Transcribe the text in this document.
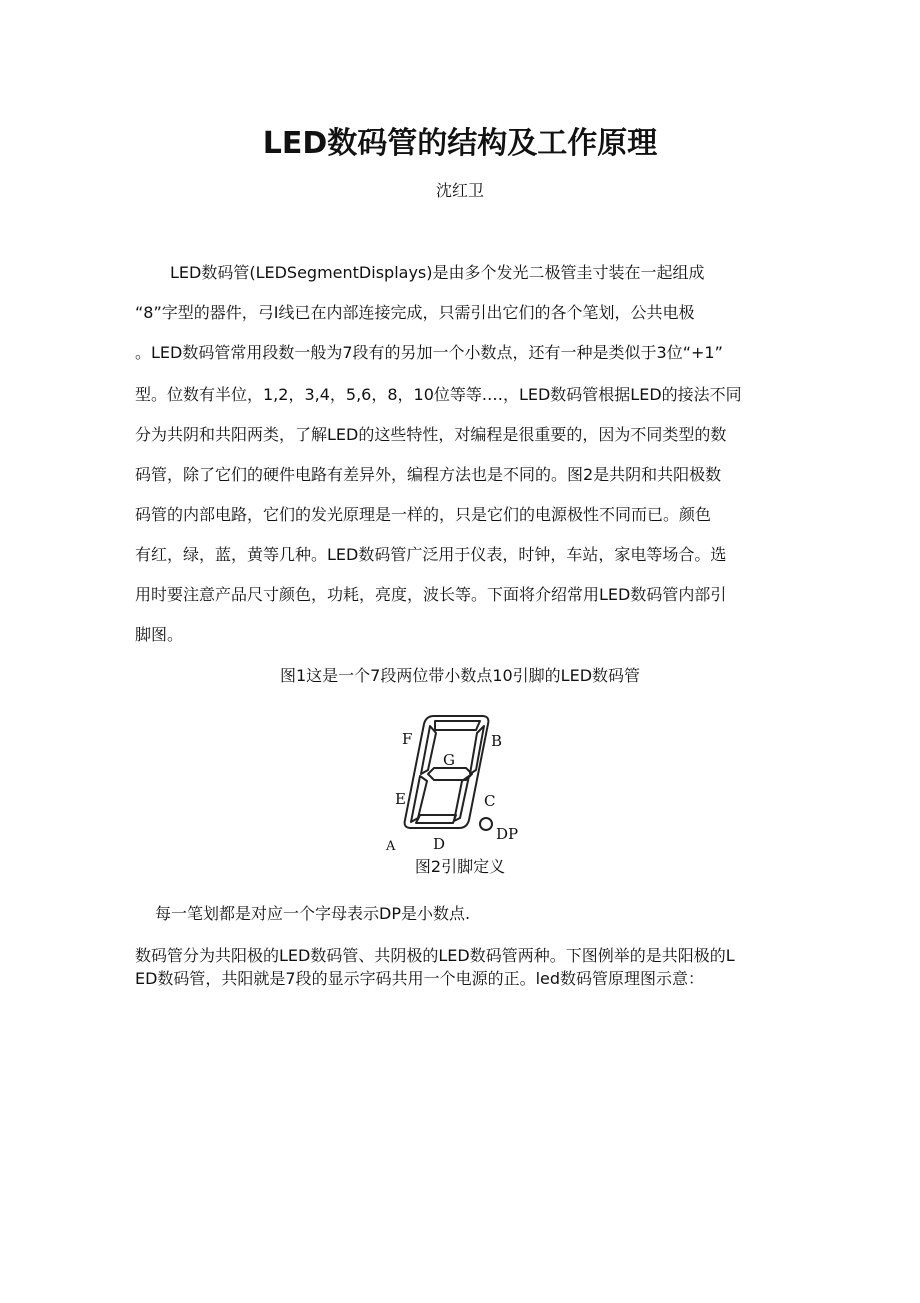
LED数码管的结构及工作原理
沈红卫
LED数码管(LEDSegmentDisplays)是由多个发光二极管圭寸装在一起组成
“8”字型的器件，弓I线已在内部连接完成，只需引出它们的各个笔划，公共电极
。LED数码管常用段数一般为7段有的另加一个小数点，还有一种是类似于3位“+1”
型。位数有半位，1,2，3,4，5,6，8，10位等等.…，LED数码管根据LED的接法不同
分为共阴和共阳两类，了解LED的这些特性，对编程是很重要的，因为不同类型的数
码管，除了它们的硬件电路有差异外，编程方法也是不同的。图2是共阴和共阳极数
码管的内部电路，它们的发光原理是一样的，只是它们的电源极性不同而已。颜色
有红，绿，蓝，黄等几种。LED数码管广泛用于仪表，时钟，车站，家电等场合。选
用时要注意产品尺寸颜色，功耗，亮度，波长等。下面将介绍常用LED数码管内部引
脚图。
图1这是一个7段两位带小数点10引脚的LED数码管
F	B
G
E	C
A	D
DP
图2引脚定义
每一笔划都是对应一个字母表示DP是小数点.
数码管分为共阳极的LED数码管、共阴极的LED数码管两种。下图例举的是共阳极的L
ED数码管，共阳就是7段的显示字码共用一个电源的正。led数码管原理图示意：
